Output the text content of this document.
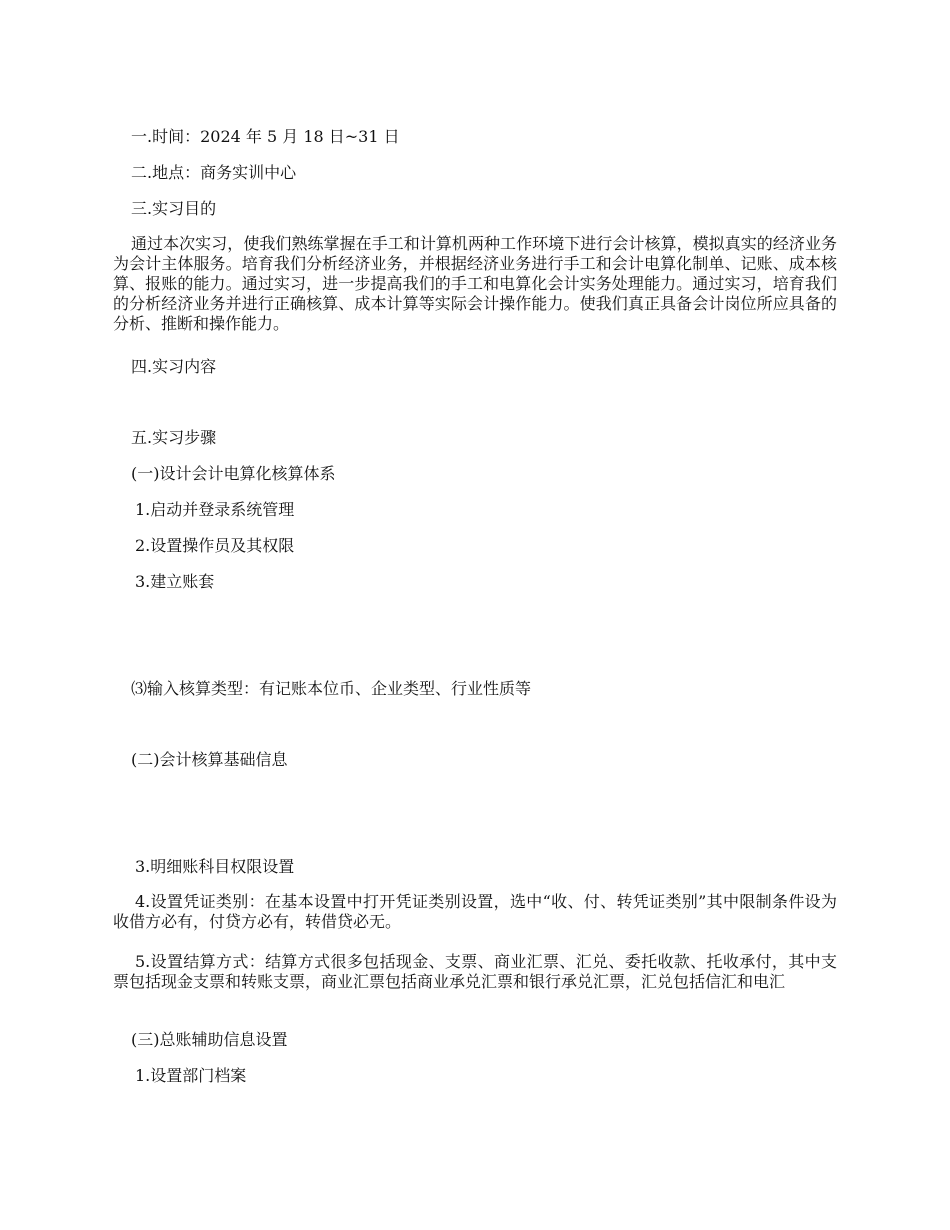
一.时间：2024 年 5 月 18 日~31 日
二.地点：商务实训中心
三.实习目的
通过本次实习，使我们熟练掌握在手工和计算机两种工作环境下进行会计核算，模拟真实的经济业务为会计主体服务。培育我们分析经济业务，并根据经济业务进行手工和会计电算化制单、记账、成本核算、报账的能力。通过实习，进一步提高我们的手工和电算化会计实务处理能力。通过实习，培育我们的分析经济业务并进行正确核算、成本计算等实际会计操作能力。使我们真正具备会计岗位所应具备的分析、推断和操作能力。
四.实习内容
五.实习步骤
(一)设计会计电算化核算体系
1.启动并登录系统管理
2.设置操作员及其权限
3.建立账套
⑶输入核算类型：有记账本位币、企业类型、行业性质等
(二)会计核算基础信息
3.明细账科目权限设置
4.设置凭证类别：在基本设置中打开凭证类别设置，选中“收、付、转凭证类别”其中限制条件设为收借方必有，付贷方必有，转借贷必无。
5.设置结算方式：结算方式很多包括现金、支票、商业汇票、汇兑、委托收款、托收承付，其中支票包括现金支票和转账支票，商业汇票包括商业承兑汇票和银行承兑汇票，汇兑包括信汇和电汇
(三)总账辅助信息设置
1.设置部门档案
